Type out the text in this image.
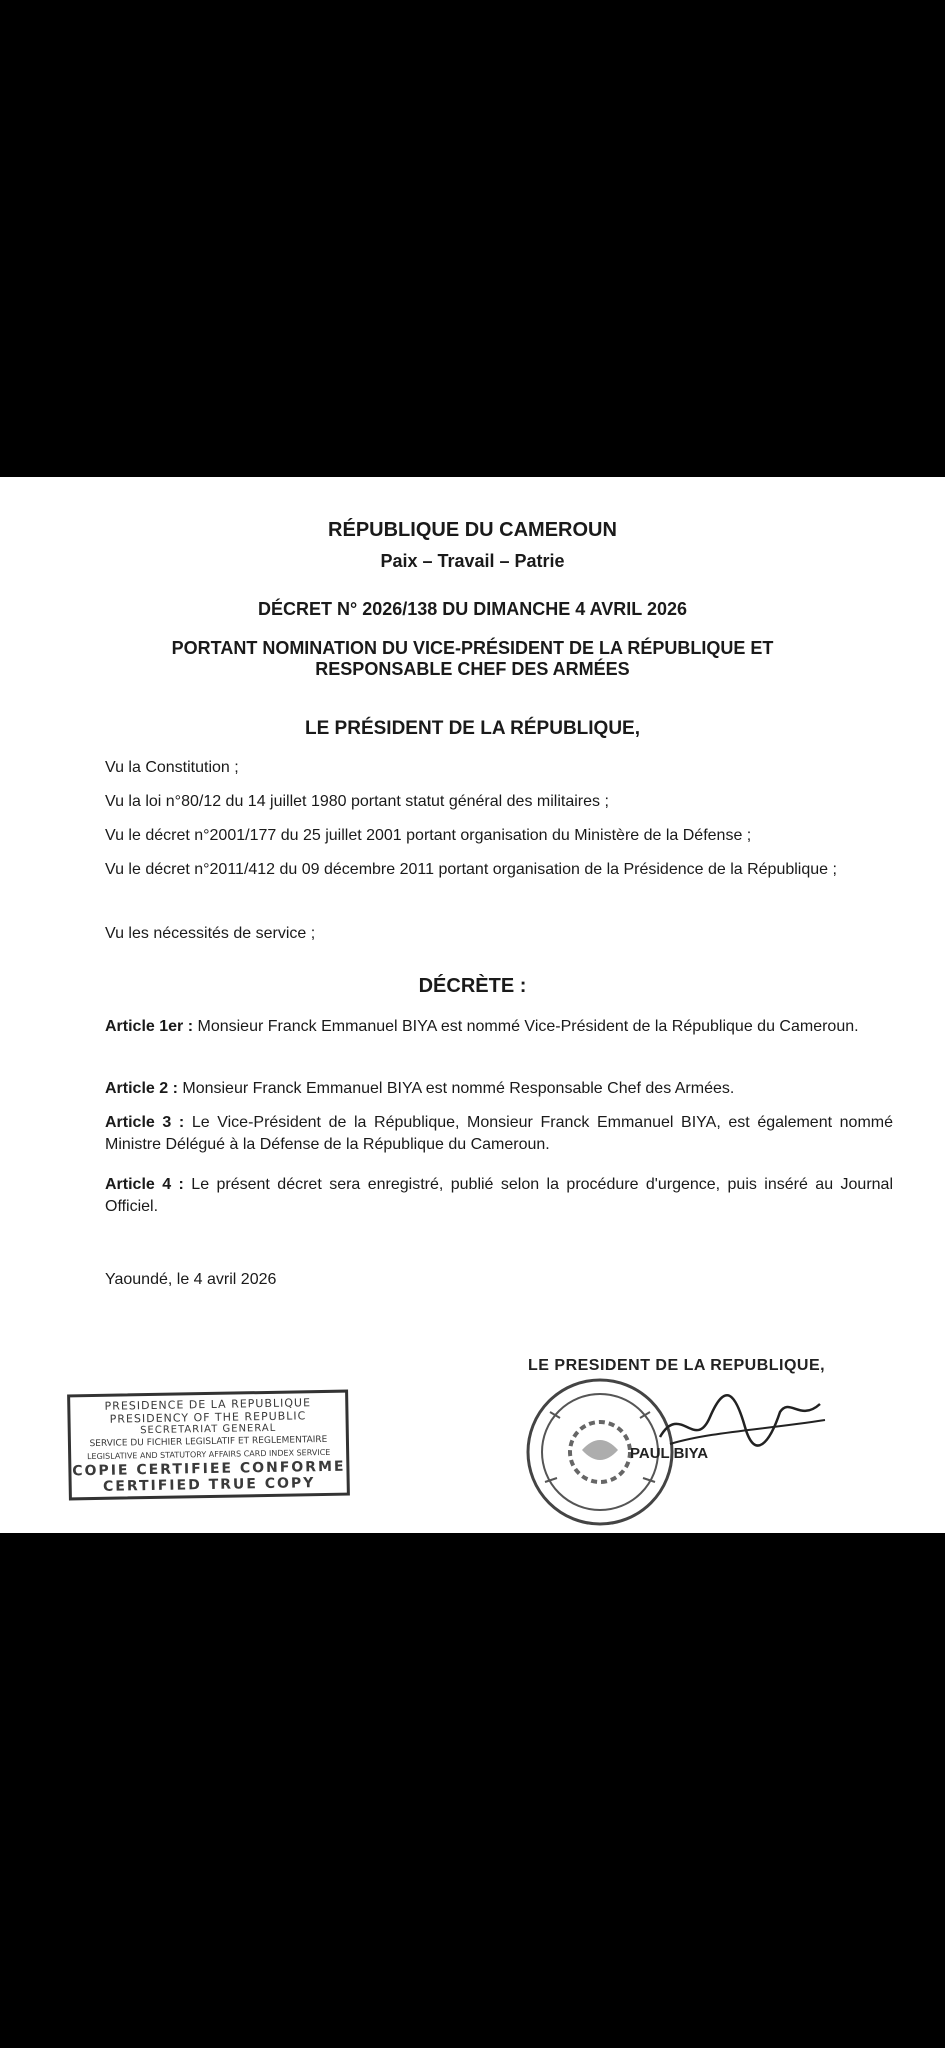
RÉPUBLIQUE DU CAMEROUN
Paix – Travail – Patrie
DÉCRET N° 2026/138 DU DIMANCHE 4 AVRIL 2026
PORTANT NOMINATION DU VICE-PRÉSIDENT DE LA RÉPUBLIQUE ET
RESPONSABLE CHEF DES ARMÉES
LE PRÉSIDENT DE LA RÉPUBLIQUE,

Vu la Constitution ;

Vu la loi n°80/12 du 14 juillet 1980 portant statut général des militaires ;

Vu le décret n°2001/177 du 25 juillet 2001 portant organisation du Ministère de la Défense ;

Vu le décret n°2011/412 du 09 décembre 2011 portant organisation de la Présidence de la République ;

Vu les nécessités de service ;

DÉCRÈTE :

Article 1er : Monsieur Franck Emmanuel BIYA est nommé Vice-Président de la République du Cameroun.

Article 2 : Monsieur Franck Emmanuel BIYA est nommé Responsable Chef des Armées.

Article 3 : Le Vice-Président de la République, Monsieur Franck Emmanuel BIYA, est également nommé Ministre Délégué à la Défense de la République du Cameroun.

Article 4 : Le présent décret sera enregistré, publié selon la procédure d'urgence, puis inséré au Journal Officiel.

Yaoundé, le 4 avril 2026
PRESIDENCE DE LA REPUBLIQUE
PRESIDENCY OF THE REPUBLIC
SECRETARIAT GENERAL
SERVICE DU FICHIER LEGISLATIF ET REGLEMENTAIRE
LEGISLATIVE AND STATUTORY AFFAIRS CARD INDEX SERVICE
COPIE CERTIFIEE CONFORME
CERTIFIED TRUE COPY
LE PRESIDENT DE LA REPUBLIQUE,
PAUL BIYA
